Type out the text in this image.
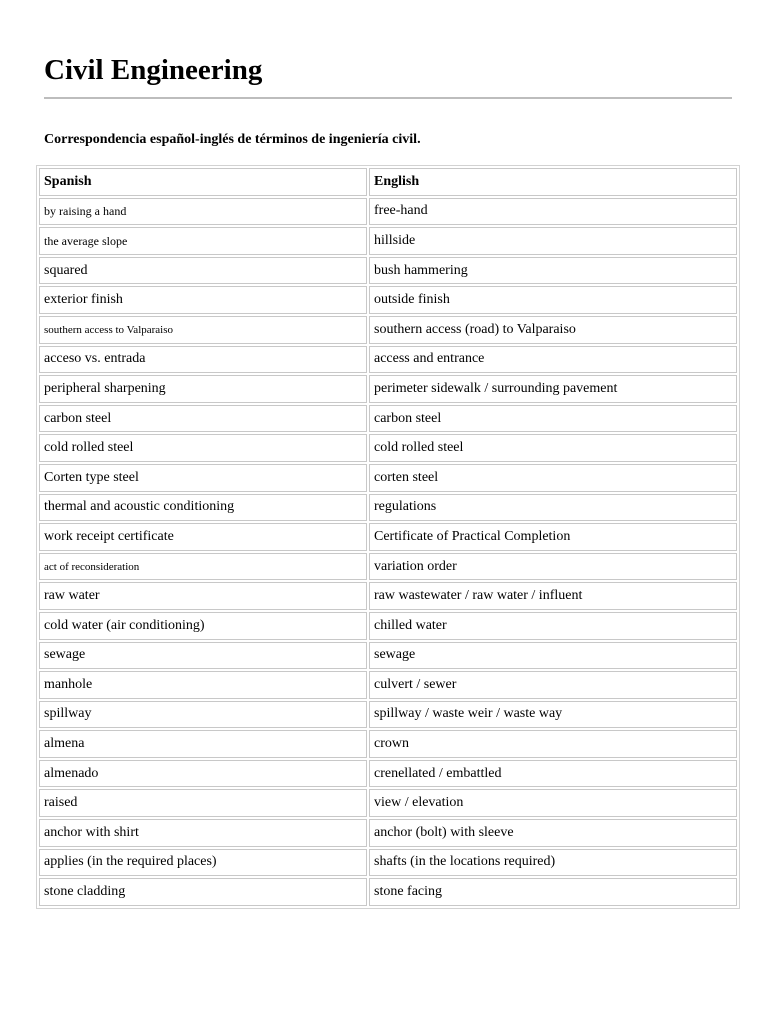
Civil Engineering

Correspondencia español-inglés de términos de ingeniería civil.

Spanish	English
by raising a hand	free-hand
the average slope	hillside
squared	bush hammering
exterior finish	outside finish
southern access to Valparaiso	southern access (road) to Valparaiso
acceso vs. entrada	access and entrance
peripheral sharpening	perimeter sidewalk / surrounding pavement
carbon steel	carbon steel
cold rolled steel	cold rolled steel
Corten type steel	corten steel
thermal and acoustic conditioning	regulations
work receipt certificate	Certificate of Practical Completion
act of reconsideration	variation order
raw water	raw wastewater / raw water / influent
cold water (air conditioning)	chilled water
sewage	sewage
manhole	culvert / sewer
spillway	spillway / waste weir / waste way
almena	crown
almenado	crenellated / embattled
raised	view / elevation
anchor with shirt	anchor (bolt) with sleeve
applies (in the required places)	shafts (in the locations required)
stone cladding	stone facing
